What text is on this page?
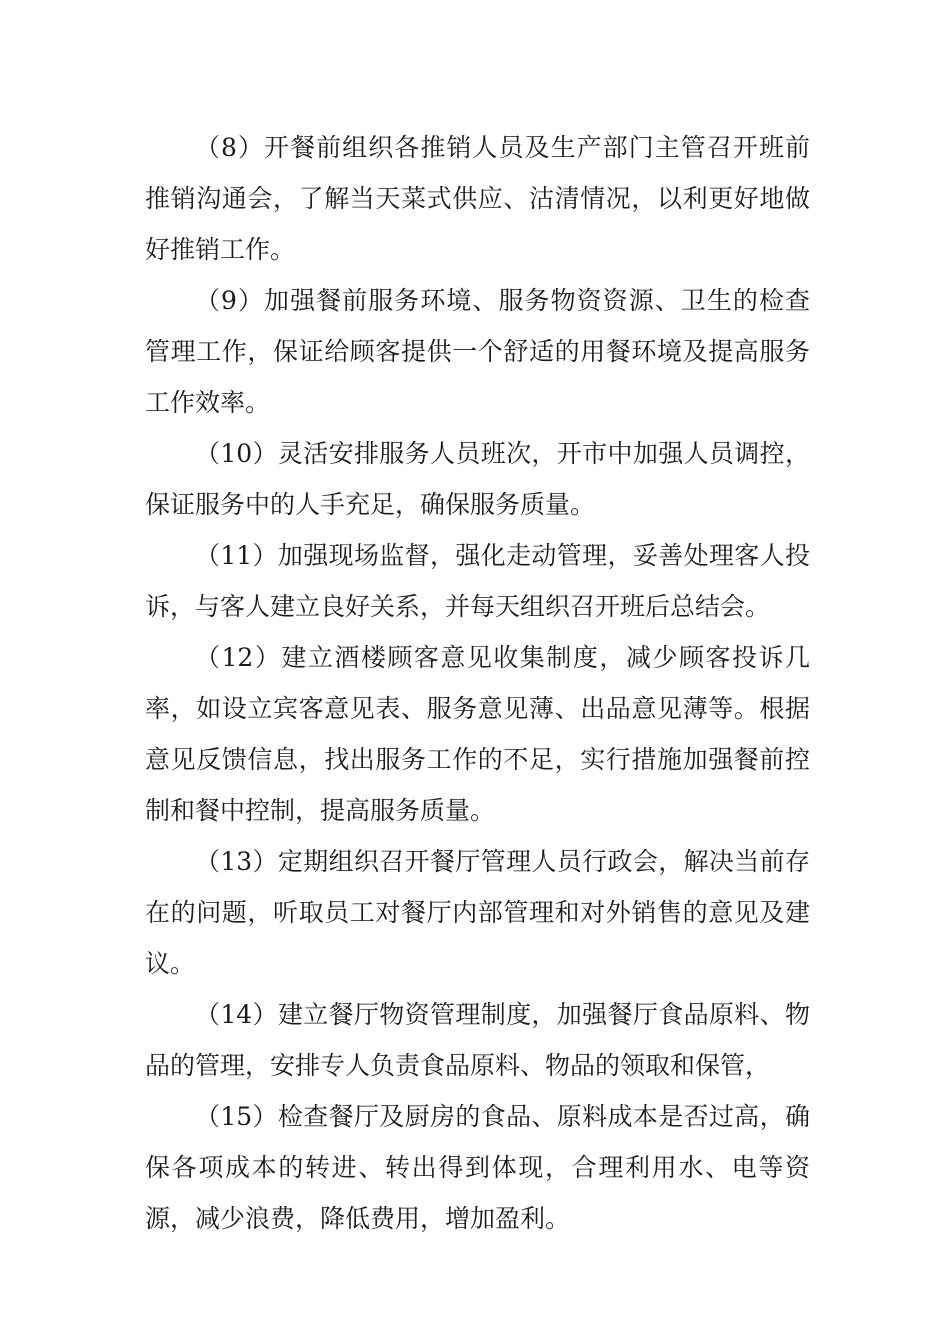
（8）开餐前组织各推销人员及生产部门主管召开班前推销沟通会，了解当天菜式供应、沽清情况，以利更好地做好推销工作。

（9）加强餐前服务环境、服务物资资源、卫生的检查管理工作，保证给顾客提供一个舒适的用餐环境及提高服务工作效率。

（10）灵活安排服务人员班次，开市中加强人员调控，保证服务中的人手充足，确保服务质量。

（11）加强现场监督，强化走动管理，妥善处理客人投诉，与客人建立良好关系，并每天组织召开班后总结会。

（12）建立酒楼顾客意见收集制度，减少顾客投诉几率，如设立宾客意见表、服务意见薄、出品意见薄等。根据意见反馈信息，找出服务工作的不足，实行措施加强餐前控制和餐中控制，提高服务质量。

（13）定期组织召开餐厅管理人员行政会，解决当前存在的问题，听取员工对餐厅内部管理和对外销售的意见及建议。

（14）建立餐厅物资管理制度，加强餐厅食品原料、物品的管理，安排专人负责食品原料、物品的领取和保管，

（15）检查餐厅及厨房的食品、原料成本是否过高，确保各项成本的转进、转出得到体现，合理利用水、电等资源，减少浪费，降低费用，增加盈利。
